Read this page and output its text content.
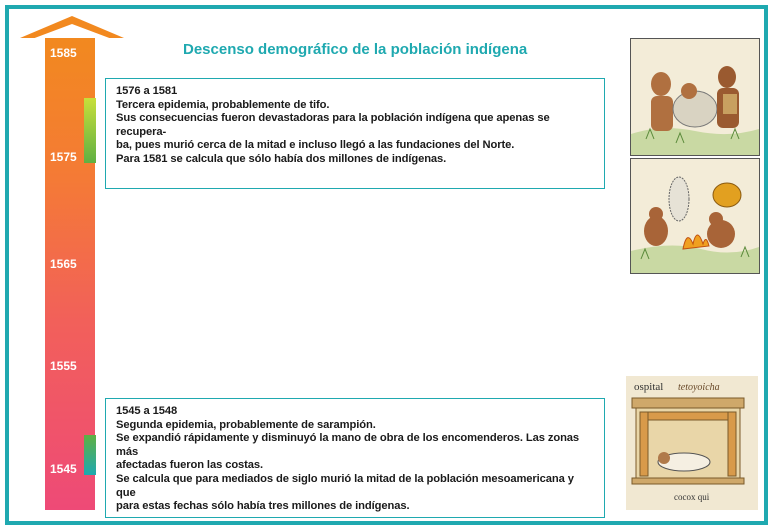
1585
1575
1565
1555
1545
Descenso demográfico de la población indígena
1576 a 1581
Tercera epidemia, probablemente de tifo.
Sus consecuencias fueron devastadoras para la población indígena que apenas se recupera-
ba, pues murió cerca de la mitad e incluso llegó a las fundaciones del Norte.
Para 1581 se calcula que sólo había dos millones de indígenas.
1545 a 1548
Segunda epidemia, probablemente de sarampión.
Se expandió rápidamente y disminuyó la mano de obra de los encomenderos. Las zonas más
afectadas fueron las costas.
Se calcula que para mediados de siglo murió la mitad de la población mesoamericana y que
para estas fechas sólo había tres millones de indígenas.
ospital tetoyoicha
cocox qui
